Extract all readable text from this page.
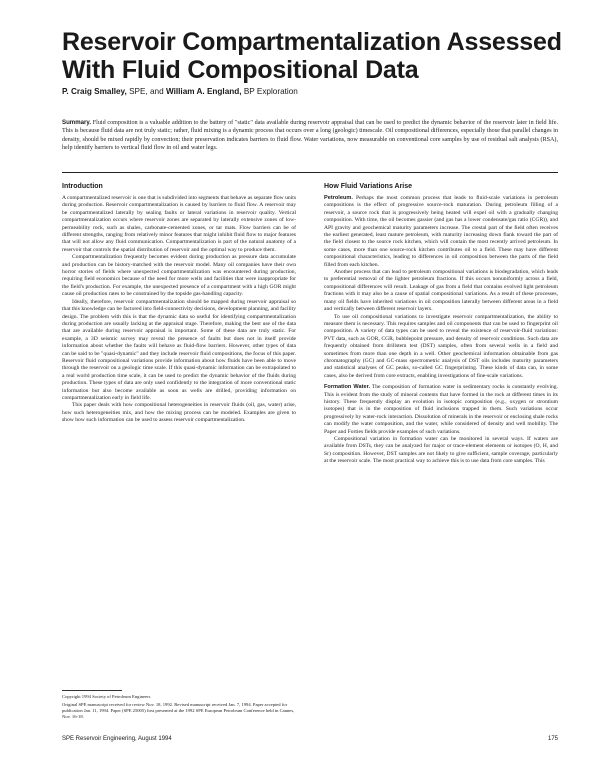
Reservoir Compartmentalization Assessed With Fluid Compositional Data
P. Craig Smalley, SPE, and William A. England, BP Exploration
Summary. Fluid composition is a valuable addition to the battery of "static" data available during reservoir appraisal that can be used to predict the dynamic behavior of the reservoir later in field life. This is because fluid data are not truly static; rather, fluid mixing is a dynamic process that occurs over a long (geologic) timescale. Oil compositional differences, especially those that parallel changes in density, should be mixed rapidly by convection; their preservation indicates barriers to fluid flow. Water variations, now measurable on conventional core samples by use of residual salt analysis (RSA), help identify barriers to vertical fluid flow in oil and water legs.
Introduction

A compartmentalized reservoir is one that is subdivided into segments that behave as separate flow units during production. Reservoir compartmentalization is caused by barriers to fluid flow. A reservoir may be compartmentalized laterally by sealing faults or lateral variations in reservoir quality. Vertical compartmentalization occurs where reservoir zones are separated by laterally extensive zones of low-permeability rock, such as shales, carbonate-cemented zones, or tar mats. Flow barriers can be of different strengths, ranging from relatively minor features that might inhibit fluid flow to major features that will not allow any fluid communication. Compartmentalization is part of the natural anatomy of a reservoir that controls the spatial distribution of reservoir and the optimal way to produce them.

Compartmentalization frequently becomes evident during production as pressure data accumulate and production can be history-matched with the reservoir model. Many oil companies have their own horror stories of fields where unexpected compartmentalization was encountered during production, requiring field economics because of the need for more wells and facilities that were inappropriate for the field's production. For example, the unexpected presence of a compartment with a high GOR might cause oil production rates to be constrained by the topside gas-handling capacity.

Ideally, therefore, reservoir compartmentalization should be mapped during reservoir appraisal so that this knowledge can be factored into field-connectivity decisions, development planning, and facility design. The problem with this is that the dynamic data so useful for identifying compartmentalization during production are usually lacking at the appraisal stage. Therefore, making the best use of the data that are available during reservoir appraisal is important. Some of these data are truly static. For example, a 3D seismic survey may reveal the presence of faults but does not in itself provide information about whether the faults will behave as fluid-flow barriers. However, other types of data can be said to be "quasi-dynamic" and they include reservoir fluid compositions, the focus of this paper. Reservoir fluid compositional variations provide information about how fluids have been able to move through the reservoir on a geologic time scale. If this quasi-dynamic information can be extrapolated to a real world production time scale, it can be used to predict the dynamic behavior of the fluids during production. These types of data are only used confidently to the integration of more conventional static information but also become available as soon as wells are drilled, providing information on compartmentalization early in field life.

This paper deals with how compositional heterogeneities in reservoir fluids (oil, gas, water) arise, how such heterogeneities mix, and how the mixing process can be modeled. Examples are given to show how such information can be used to assess reservoir compartmentalization.

Copyright 1994 Society of Petroleum Engineers

Original SPE manuscript received for review Nov. 18, 1992. Revised manuscript received Jan. 7, 1994. Paper accepted for publication Jan. 11, 1994. Paper (SPE 25005) first presented at the 1992 SPE European Petroleum Conference held in Cannes, Nov. 16-18.

How Fluid Variations Arise

Petroleum. Perhaps the most common process that leads to fluid-scale variations in petroleum compositions is the effect of progressive source-rock maturation. During petroleum filling of a reservoir, a source rock that is progressively being heated will expel oil with a gradually changing composition. With time, the oil becomes gassier (and gas has a lower condensate/gas ratio (CGR)), and API gravity and geochemical maturity parameters increase. The crestal part of the field often receives the earliest generated, least mature petroleum, with maturity increasing down flank toward the part of the field closest to the source rock kitchen, which will contain the most recently arrived petroleum. In some cases, more than one source-rock kitchen contributes oil to a field. These may have different compositional characteristics, leading to differences in oil composition between the parts of the field filled from each kitchen.

Another process that can lead to petroleum compositional variations is biodegradation, which leads to preferential removal of the lighter petroleum fractions. If this occurs nonuniformly across a field, compositional differences will result. Leakage of gas from a field that contains evolved light petroleum fractions with it may also be a cause of spatial compositional variations. As a result of these processes, many oil fields have inherited variations in oil composition laterally between different areas in a field and vertically between different reservoir layers.

To use oil compositional variations to investigate reservoir compartmentalization, the ability to measure them is necessary. This requires samples and oil components that can be used to fingerprint oil composition. A variety of data types can be used to reveal the existence of reservoir-fluid variations: PVT data, such as GOR, CGR, bubblepoint pressure, and density of reservoir conditions. Such data are frequently obtained from drillstem test (DST) samples, often from several wells in a field and sometimes from more than one depth in a well. Other geochemical information obtainable from gas chromatography (GC) and GC-mass spectrometric analysis of DST oils includes maturity parameters and statistical analyses of GC peaks, so-called GC fingerprinting. These kinds of data can, in some cases, also be derived from core extracts, enabling investigations of fine-scale variations.

Formation Water. The composition of formation water in sedimentary rocks is constantly evolving. This is evident from the study of mineral contents that have formed in the rock at different times in its history. These frequently display an evolution in isotopic composition (e.g., oxygen or strontium isotopes) that is in the composition of fluid inclusions trapped in them. Such variations occur progressively by water-rock interaction. Dissolution of minerals in the reservoir or enclosing shale rocks can modify the water composition, and the water, while considered of density and well mobility. The Paper and Forties fields provide examples of such variations.

Compositional variation in formation water can be monitored in several ways. If waters are available from DSTs, they can be analyzed for major or trace-element elements or isotopes (O, H, and Sr) composition. However, DST samples are not likely to give sufficient, sample coverage, particularly at the reservoir scale. The most practical way to achieve this is to use data from core samples. This

SPE Reservoir Engineering, August 1994	175
